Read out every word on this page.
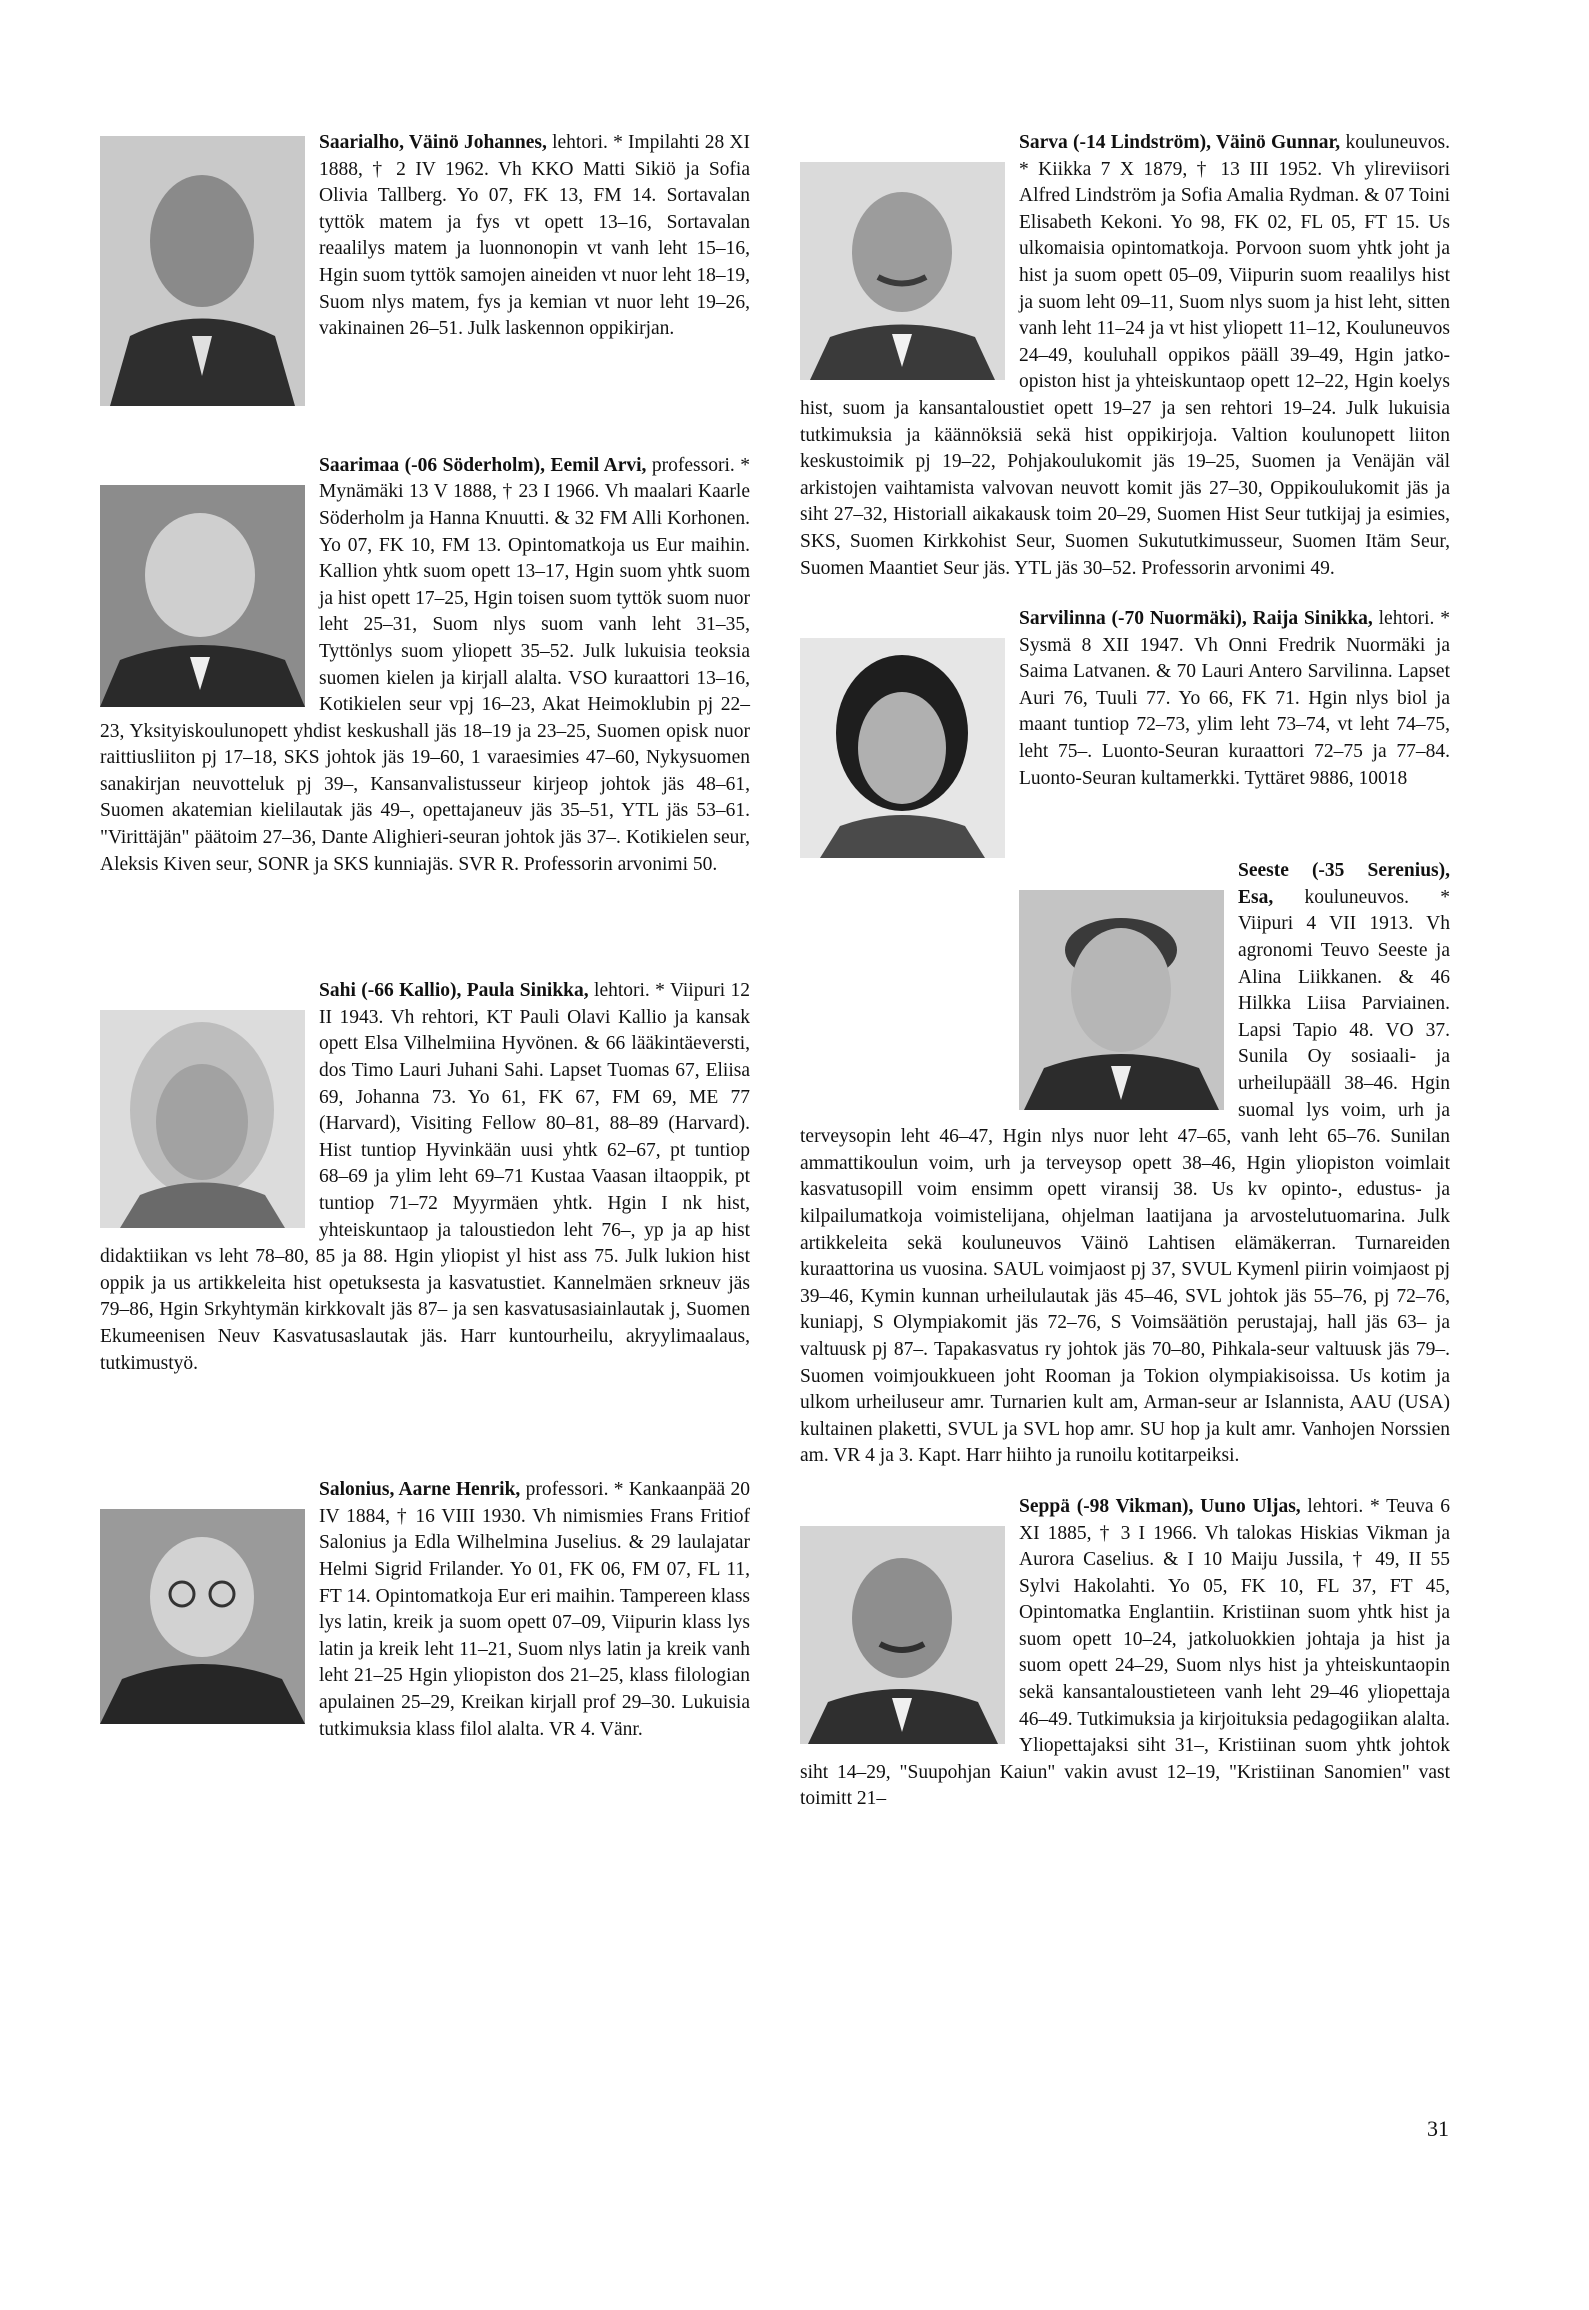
Saarialho, Väinö Johannes, lehtori. * Impilahti 28 XI 1888, † 2 IV 1962. Vh KKO Matti Sikiö ja Sofia Olivia Tallberg. Yo 07, FK 13, FM 14. Sortavalan tyttök matem ja fys vt opett 13–16, Sortavalan reaalilys matem ja luonnonopin vt vanh leht 15–16, Hgin suom tyttök samojen aineiden vt nuor leht 18–19, Suom nlys matem, fys ja kemian vt nuor leht 19–26, vakinainen 26–51. Julk laskennon oppikirjan.

Saarimaa (-06 Söderholm), Eemil Arvi, professori. * Mynämäki 13 V 1888, † 23 I 1966. Vh maalari Kaarle Söderholm ja Hanna Knuutti. & 32 FM Alli Korhonen. Yo 07, FK 10, FM 13. Opintomatkoja us Eur maihin. Kallion yhtk suom opett 13–17, Hgin suom yhtk suom ja hist opett 17–25, Hgin toisen suom tyttök suom nuor leht 25–31, Suom nlys suom vanh leht 31–35, Tyttönlys suom yliopett 35–52. Julk lukuisia teoksia suomen kielen ja kirjall alalta. VSO kuraattori 13–16, Kotikielen seur vpj 16–23, Akat Heimoklubin pj 22–23, Yksityiskoulunopett yhdist keskushall jäs 18–19 ja 23–25, Suomen opisk nuor raittiusliiton pj 17–18, SKS johtok jäs 19–60, 1 varaesimies 47–60, Nykysuomen sanakirjan neuvotteluk pj 39–, Kansanvalistusseur kirjeop johtok jäs 48–61, Suomen akatemian kielilautak jäs 49–, opettajaneuv jäs 35–51, YTL jäs 53–61. "Virittäjän" päätoim 27–36, Dante Alighieri-seuran johtok jäs 37–. Kotikielen seur, Aleksis Kiven seur, SONR ja SKS kunniajäs. SVR R. Professorin arvonimi 50.

Sahi (-66 Kallio), Paula Sinikka, lehtori. * Viipuri 12 II 1943. Vh rehtori, KT Pauli Olavi Kallio ja kansak opett Elsa Vilhelmiina Hyvönen. & 66 lääkintäeversti, dos Timo Lauri Juhani Sahi. Lapset Tuomas 67, Eliisa 69, Johanna 73. Yo 61, FK 67, FM 69, ME 77 (Harvard), Visiting Fellow 80–81, 88–89 (Harvard). Hist tuntiop Hyvinkään uusi yhtk 62–67, pt tuntiop 68–69 ja ylim leht 69–71 Kustaa Vaasan iltaoppik, pt tuntiop 71–72 Myyrmäen yhtk. Hgin I nk hist, yhteiskuntaop ja taloustiedon leht 76–, yp ja ap hist didaktiikan vs leht 78–80, 85 ja 88. Hgin yliopist yl hist ass 75. Julk lukion hist oppik ja us artikkeleita hist opetuksesta ja kasvatustiet. Kannelmäen srkneuv jäs 79–86, Hgin Srkyhtymän kirkkovalt jäs 87– ja sen kasvatusasiainlautak j, Suomen Ekumeenisen Neuv Kasvatusaslautak jäs. Harr kuntourheilu, akryylimaalaus, tutkimustyö.

Salonius, Aarne Henrik, professori. * Kankaanpää 20 IV 1884, † 16 VIII 1930. Vh nimismies Frans Fritiof Salonius ja Edla Wilhelmina Juselius. & 29 laulajatar Helmi Sigrid Frilander. Yo 01, FK 06, FM 07, FL 11, FT 14. Opintomatkoja Eur eri maihin. Tampereen klass lys latin, kreik ja suom opett 07–09, Viipurin klass lys latin ja kreik leht 11–21, Suom nlys latin ja kreik vanh leht 21–25 Hgin yliopiston dos 21–25, klass filologian apulainen 25–29, Kreikan kirjall prof 29–30. Lukuisia tutkimuksia klass filol alalta. VR 4. Vänr.

Sarva (-14 Lindström), Väinö Gunnar, kouluneuvos. * Kiikka 7 X 1879, † 13 III 1952. Vh ylireviisori Alfred Lindström ja Sofia Amalia Rydman. & 07 Toini Elisabeth Kekoni. Yo 98, FK 02, FL 05, FT 15. Us ulkomaisia opintomatkoja. Porvoon suom yhtk joht ja hist ja suom opett 05–09, Viipurin suom reaalilys hist ja suom leht 09–11, Suom nlys suom ja hist leht, sitten vanh leht 11–24 ja vt hist yliopett 11–12, Kouluneuvos 24–49, kouluhall oppikos pääll 39–49, Hgin jatko-opiston hist ja yhteiskuntaop opett 12–22, Hgin koelys hist, suom ja kansantaloustiet opett 19–27 ja sen rehtori 19–24. Julk lukuisia tutkimuksia ja käännöksiä sekä hist oppikirjoja. Valtion koulunopett liiton keskustoimik pj 19–22, Pohjakoulukomit jäs 19–25, Suomen ja Venäjän väl arkistojen vaihtamista valvovan neuvott komit jäs 27–30, Oppikoulukomit jäs ja siht 27–32, Historiall aikakausk toim 20–29, Suomen Hist Seur tutkijaj ja esimies, SKS, Suomen Kirkkohist Seur, Suomen Sukututkimusseur, Suomen Itäm Seur, Suomen Maantiet Seur jäs. YTL jäs 30–52. Professorin arvonimi 49.

Sarvilinna (-70 Nuormäki), Raija Sinikka, lehtori. * Sysmä 8 XII 1947. Vh Onni Fredrik Nuormäki ja Saima Latvanen. & 70 Lauri Antero Sarvilinna. Lapset Auri 76, Tuuli 77. Yo 66, FK 71. Hgin nlys biol ja maant tuntiop 72–73, ylim leht 73–74, vt leht 74–75, leht 75–. Luonto-Seuran kuraattori 72–75 ja 77–84. Luonto-Seuran kultamerkki. Tyttäret 9886, 10018

Seeste (-35 Serenius), Esa, kouluneuvos. * Viipuri 4 VII 1913. Vh agronomi Teuvo Seeste ja Alina Liikkanen. & 46 Hilkka Liisa Parviainen. Lapsi Tapio 48. VO 37. Sunila Oy sosiaali- ja urheilupääll 38–46. Hgin suomal lys voim, urh ja terveysopin leht 46–47, Hgin nlys nuor leht 47–65, vanh leht 65–76. Sunilan ammattikoulun voim, urh ja terveysop opett 38–46, Hgin yliopiston voimlait kasvatusopill voim ensimm opett viransij 38. Us kv opinto-, edustus- ja kilpailumatkoja voimistelijana, ohjelman laatijana ja arvostelutuomarina. Julk artikkeleita sekä kouluneuvos Väinö Lahtisen elämäkerran. Turnareiden kuraattorina us vuosina. SAUL voimjaost pj 37, SVUL Kymenl piirin voimjaost pj 39–46, Kymin kunnan urheilulautak jäs 45–46, SVL johtok jäs 55–76, pj 72–76, kuniapj, S Olympiakomit jäs 72–76, S Voimsäätiön perustajaj, hall jäs 63– ja valtuusk pj 87–. Tapakasvatus ry johtok jäs 70–80, Pihkala-seur valtuusk jäs 79–. Suomen voimjoukkueen joht Rooman ja Tokion olympiakisoissa. Us kotim ja ulkom urheiluseur amr. Turnarien kult am, Arman-seur ar Islannista, AAU (USA) kultainen plaketti, SVUL ja SVL hop amr. SU hop ja kult amr. Vanhojen Norssien am. VR 4 ja 3. Kapt. Harr hiihto ja runoilu kotitarpeiksi.

Seppä (-98 Vikman), Uuno Uljas, lehtori. * Teuva 6 XI 1885, † 3 I 1966. Vh talokas Hiskias Vikman ja Aurora Caselius. & I 10 Maiju Jussila, † 49, II 55 Sylvi Hakolahti. Yo 05, FK 10, FL 37, FT 45, Opintomatka Englantiin. Kristiinan suom yhtk hist ja suom opett 10–24, jatkoluokkien johtaja ja hist ja suom opett 24–29, Suom nlys hist ja yhteiskuntaopin sekä kansantaloustieteen vanh leht 29–46 yliopettaja 46–49. Tutkimuksia ja kirjoituksia pedagogiikan alalta. Yliopettajaksi siht 31–, Kristiinan suom yhtk johtok siht 14–29, "Suupohjan Kaiun" vakin avust 12–19, "Kristiinan Sanomien" vast toimitt 21–

31
